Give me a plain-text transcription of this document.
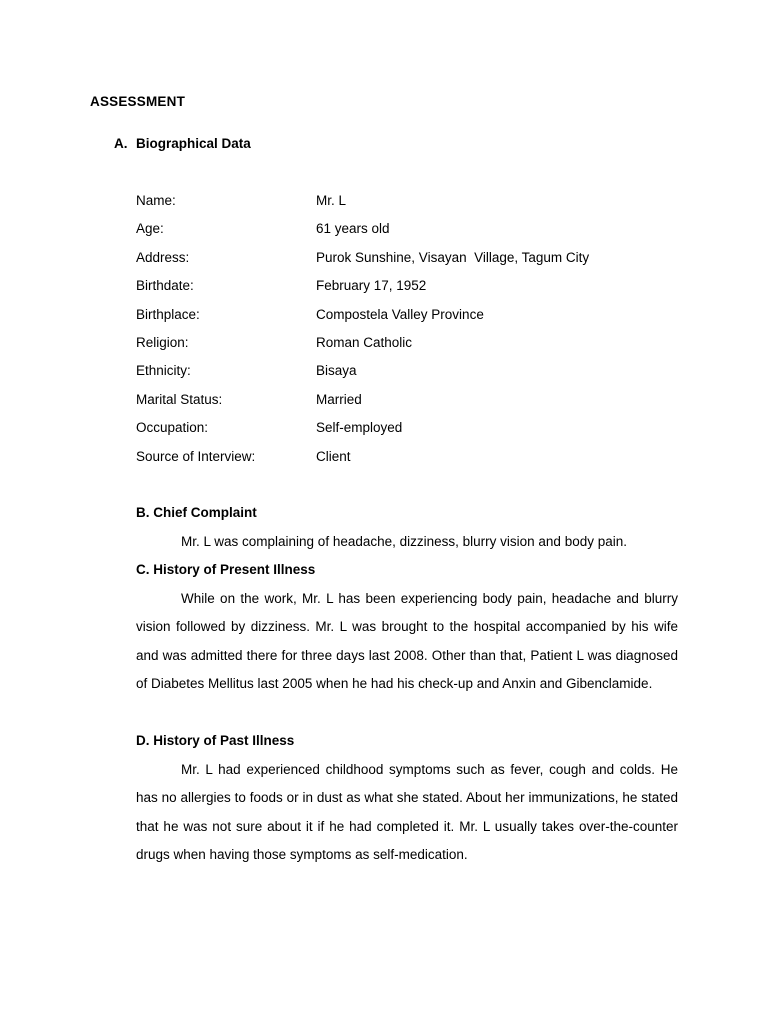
ASSESSMENT
A. Biographical Data
Name:	Mr. L
Age:	61 years old
Address:	Purok Sunshine, Visayan  Village, Tagum City
Birthdate:	February 17, 1952
Birthplace:	Compostela Valley Province
Religion:	Roman Catholic
Ethnicity:	Bisaya
Marital Status:	Married
Occupation:	Self-employed
Source of Interview:	Client
B. Chief Complaint

Mr. L was complaining of headache, dizziness, blurry vision and body pain.

C. History of Present Illness

While on the work, Mr. L has been experiencing body pain, headache and blurry vision followed by dizziness. Mr. L was brought to the hospital accompanied by his wife and was admitted there for three days last 2008. Other than that, Patient L was diagnosed of Diabetes Mellitus last 2005 when he had his check-up and Anxin and Gibenclamide.

D. History of Past Illness

Mr. L had experienced childhood symptoms such as fever, cough and colds. He has no allergies to foods or in dust as what she stated. About her immunizations, he stated that he was not sure about it if he had completed it. Mr. L usually takes over-the-counter drugs when having those symptoms as self-medication.
